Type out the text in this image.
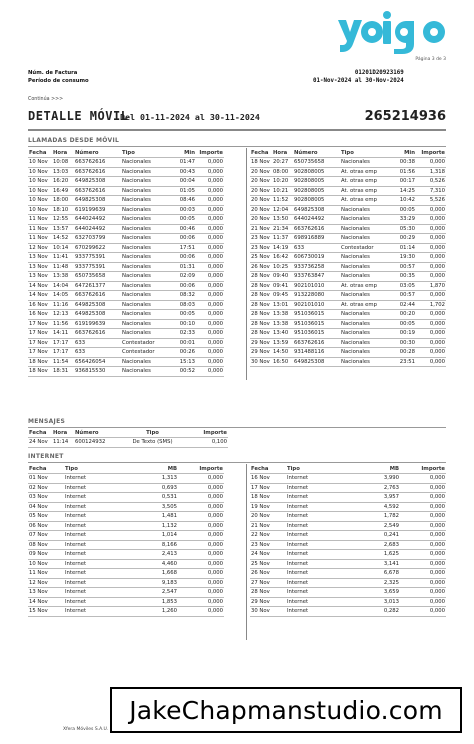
Página 3 de 3
Núm. de Factura
Período de consumo
01201D20923169
01-Nov-2024 al 30-Nov-2024
Continúa >>>
DETALLE MÓVIL
Del 01-11-2024 al 30-11-2024	265214936
LLAMADAS DESDE MÓVIL
Fecha	Hora	Número	Tipo	Min	Importe
10 Nov	10:08	663762616	Nacionales	01:47	0,000
10 Nov	13:03	663762616	Nacionales	00:43	0,000
10 Nov	16:20	649825308	Nacionales	00:04	0,000
10 Nov	16:49	663762616	Nacionales	01:05	0,000
10 Nov	18:00	649825308	Nacionales	08:46	0,000
10 Nov	18:10	619199639	Nacionales	00:03	0,000
11 Nov	12:55	644024492	Nacionales	00:05	0,000
11 Nov	13:57	644024492	Nacionales	00:46	0,000
11 Nov	14:52	632703799	Nacionales	00:06	0,000
12 Nov	10:14	670299622	Nacionales	17:51	0,000
13 Nov	11:41	933775391	Nacionales	00:06	0,000
13 Nov	11:48	933775391	Nacionales	01:31	0,000
13 Nov	13:38	650735658	Nacionales	02:09	0,000
14 Nov	14:04	647261377	Nacionales	00:06	0,000
14 Nov	14:05	663762616	Nacionales	08:32	0,000
16 Nov	11:16	649825308	Nacionales	08:03	0,000
16 Nov	12:13	649825308	Nacionales	00:05	0,000
17 Nov	11:56	619199639	Nacionales	00:10	0,000
17 Nov	14:11	663762616	Nacionales	02:33	0,000
17 Nov	17:17	633	Contestador	00:01	0,000
17 Nov	17:17	633	Contestador	00:26	0,000
18 Nov	11:54	656426054	Nacionales	15:13	0,000
18 Nov	18:31	936815530	Nacionales	00:52	0,000
Fecha	Hora	Número	Tipo	Min	Importe
18 Nov	20:27	650735658	Nacionales	00:38	0,000
20 Nov	08:00	902808005	At. otras emp	01:56	1,318
20 Nov	10:20	902808005	At. otras emp	00:17	0,526
20 Nov	10:21	902808005	At. otras emp	14:25	7,310
20 Nov	11:52	902808005	At. otras emp	10:42	5,526
20 Nov	12:04	649825308	Nacionales	00:05	0,000
20 Nov	13:50	644024492	Nacionales	33:29	0,000
21 Nov	21:34	663762616	Nacionales	05:30	0,000
23 Nov	11:37	698916889	Nacionales	00:29	0,000
23 Nov	14:19	633	Contestador	01:14	0,000
25 Nov	16:42	606730019	Nacionales	19:30	0,000
26 Nov	10:25	933736258	Nacionales	00:57	0,000
28 Nov	09:40	933763847	Nacionales	00:35	0,000
28 Nov	09:41	902101010	At. otras emp	03:05	1,870
28 Nov	09:45	913228080	Nacionales	00:57	0,000
28 Nov	13:01	902101010	At. otras emp	02:44	1,702
28 Nov	13:38	951036015	Nacionales	00:20	0,000
28 Nov	13:38	951036015	Nacionales	00:05	0,000
28 Nov	13:40	951036015	Nacionales	00:19	0,000
29 Nov	13:59	663762616	Nacionales	00:30	0,000
29 Nov	14:50	931488116	Nacionales	00:28	0,000
30 Nov	16:50	649825308	Nacionales	23:51	0,000
MENSAJES
Fecha	Hora	Número	Tipo	Importe
24 Nov	11:14	600124932	De Texto (SMS)	0,100
INTERNET
Fecha	Tipo	MB	Importe
01 Nov	Internet	1,313	0,000
02 Nov	Internet	0,693	0,000
03 Nov	Internet	0,531	0,000
04 Nov	Internet	3,505	0,000
05 Nov	Internet	1,481	0,000
06 Nov	Internet	1,132	0,000
07 Nov	Internet	1,014	0,000
08 Nov	Internet	8,166	0,000
09 Nov	Internet	2,413	0,000
10 Nov	Internet	4,460	0,000
11 Nov	Internet	1,668	0,000
12 Nov	Internet	9,183	0,000
13 Nov	Internet	2,547	0,000
14 Nov	Internet	1,853	0,000
15 Nov	Internet	1,260	0,000
Fecha	Tipo	MB	Importe
16 Nov	Internet	3,990	0,000
17 Nov	Internet	2,763	0,000
18 Nov	Internet	3,957	0,000
19 Nov	Internet	4,592	0,000
20 Nov	Internet	1,782	0,000
21 Nov	Internet	2,549	0,000
22 Nov	Internet	0,241	0,000
23 Nov	Internet	2,683	0,000
24 Nov	Internet	1,625	0,000
25 Nov	Internet	3,141	0,000
26 Nov	Internet	6,678	0,000
27 Nov	Internet	2,325	0,000
28 Nov	Internet	3,659	0,000
29 Nov	Internet	3,013	0,000
30 Nov	Internet	0,282	0,000
Xfera Móviles S.A.U.
JakeChapmanstudio.com
